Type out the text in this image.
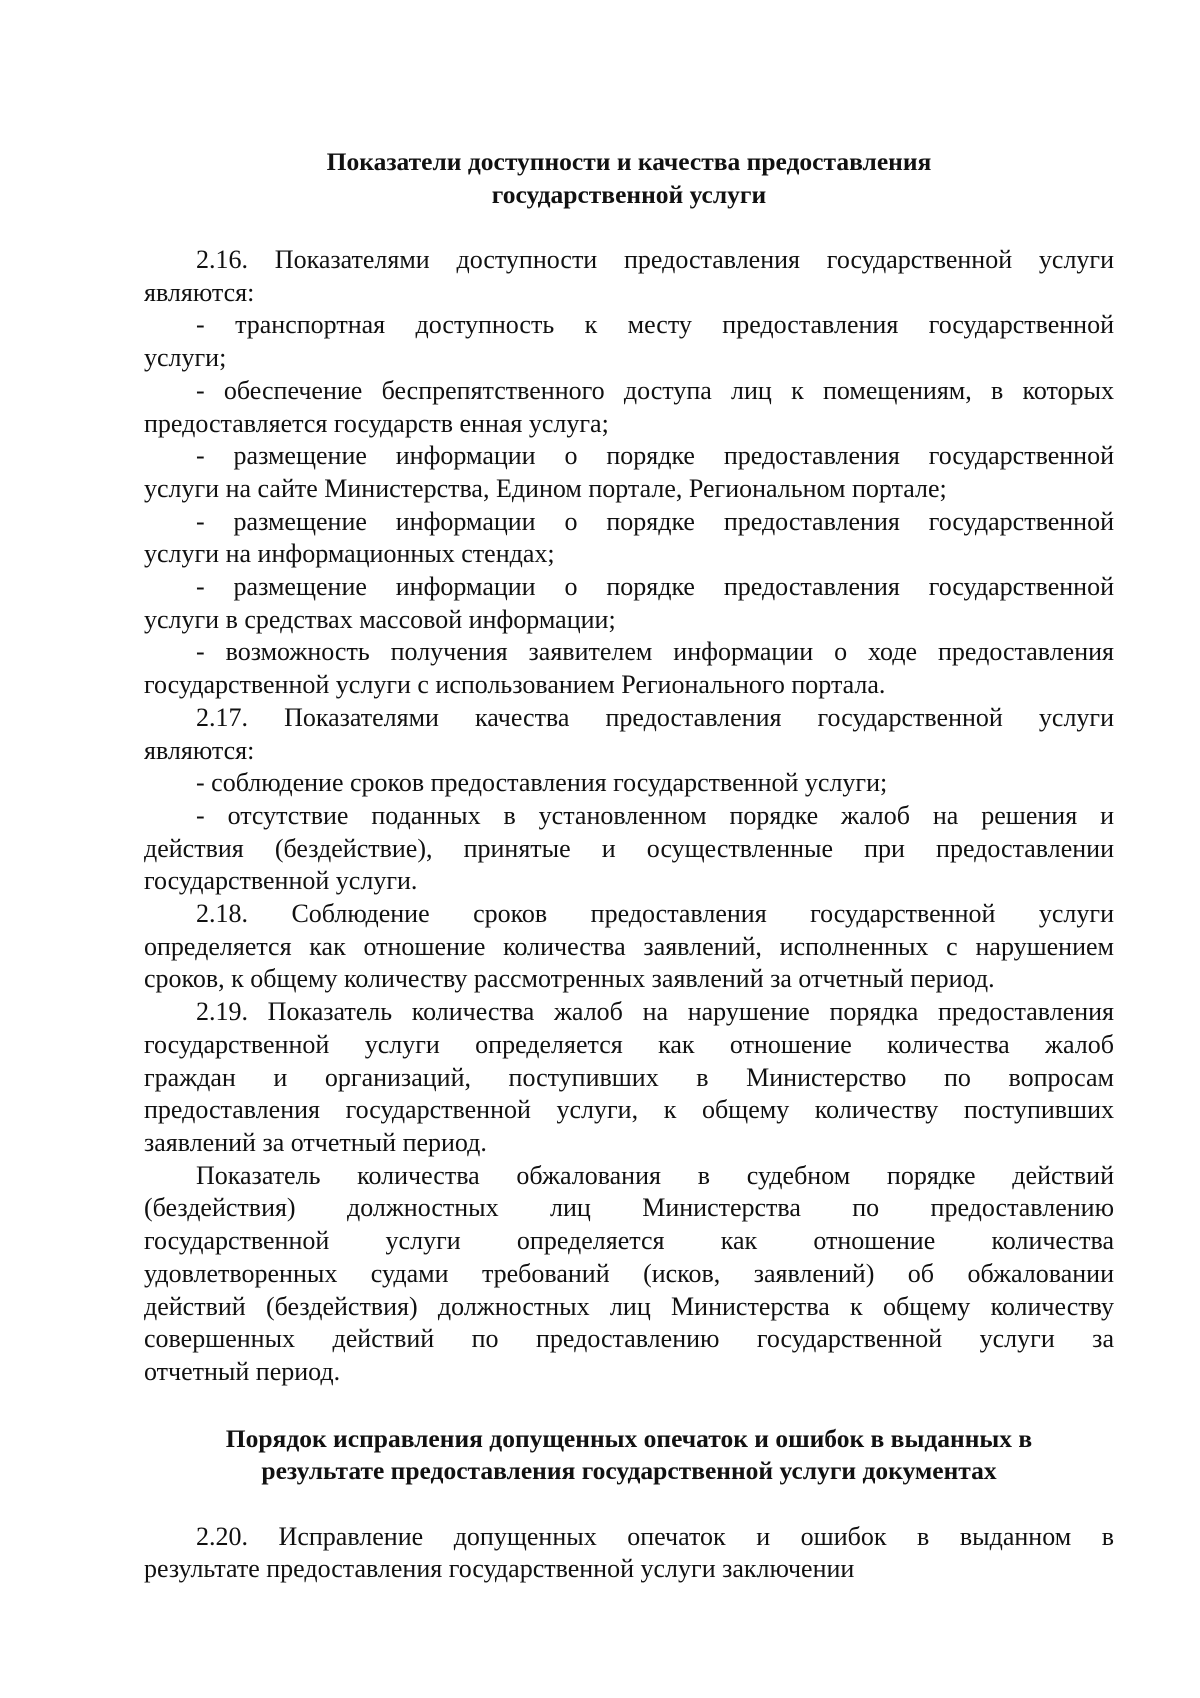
Показатели доступности и качества предоставления
государственной услуги

2.16. Показателями доступности предоставления государственной услуги
являются:

- транспортная доступность к месту предоставления государственной
услуги;

- обеспечение беспрепятственного доступа лиц к помещениям, в которых
предоставляется государств енная услуга;

- размещение информации о порядке предоставления государственной
услуги на сайте Министерства, Едином портале, Региональном портале;

- размещение информации о порядке предоставления государственной
услуги на информационных стендах;

- размещение информации о порядке предоставления государственной
услуги в средствах массовой информации;

- возможность получения заявителем информации о ходе предоставления
государственной услуги с использованием Регионального портала.

2.17. Показателями качества предоставления государственной услуги
являются:

- соблюдение сроков предоставления государственной услуги;

- отсутствие поданных в установленном порядке жалоб на решения и
действия (бездействие), принятые и осуществленные при предоставлении
государственной услуги.

2.18. Соблюдение сроков предоставления государственной услуги
определяется как отношение количества заявлений, исполненных с нарушением
сроков, к общему количеству рассмотренных заявлений за отчетный период.

2.19. Показатель количества жалоб на нарушение порядка предоставления
государственной услуги определяется как отношение количества жалоб
граждан и организаций, поступивших в Министерство по вопросам
предоставления государственной услуги, к общему количеству поступивших
заявлений за отчетный период.

Показатель количества обжалования в судебном порядке действий
(бездействия) должностных лиц Министерства по предоставлению
государственной услуги определяется как отношение количества
удовлетворенных судами требований (исков, заявлений) об обжаловании
действий (бездействия) должностных лиц Министерства к общему количеству
совершенных действий по предоставлению государственной услуги за
отчетный период.

Порядок исправления допущенных опечаток и ошибок в выданных в
результате предоставления государственной услуги документах

2.20. Исправление допущенных опечаток и ошибок в выданном в
результате предоставления государственной услуги заключении
